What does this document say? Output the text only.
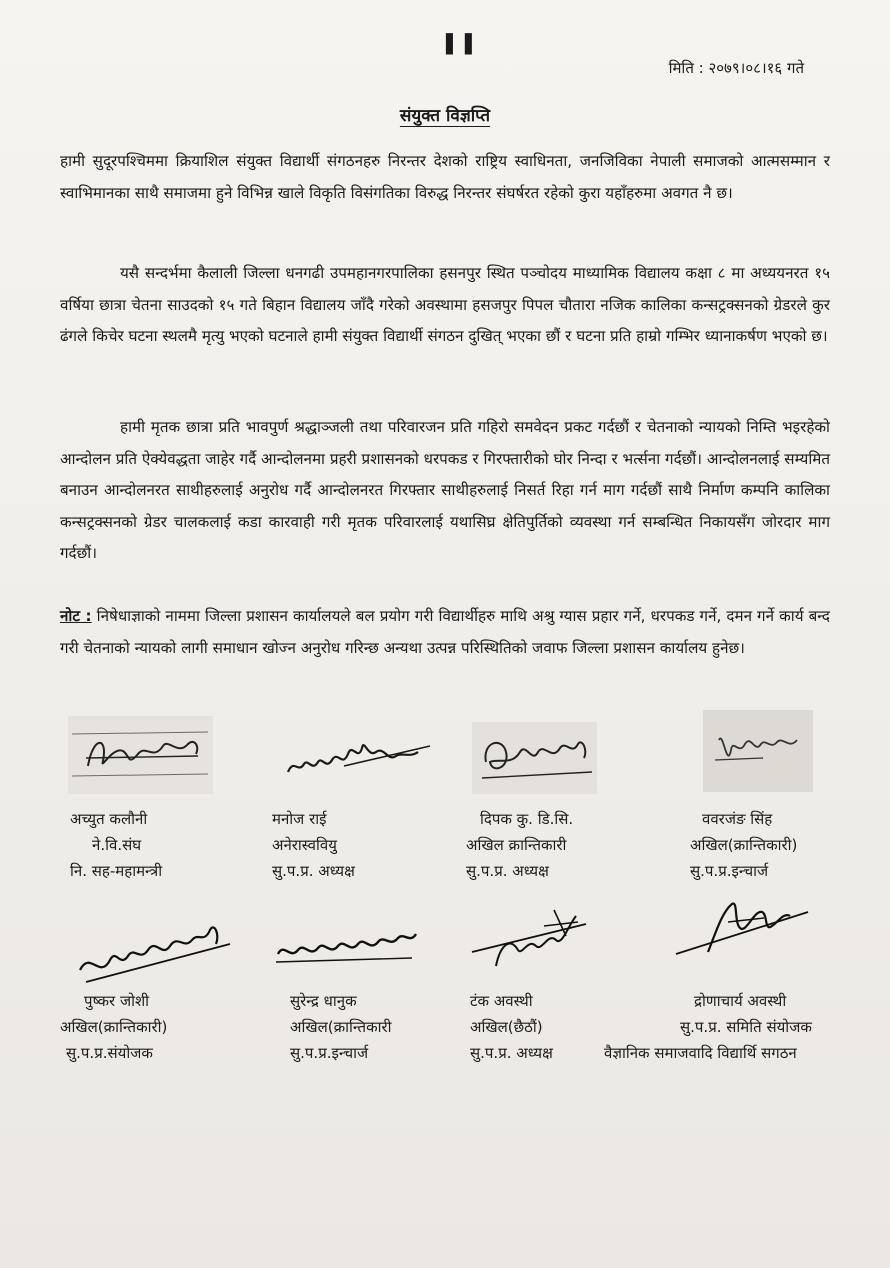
▌▐
मिति : २०७९।०८।१६ गते
संयुक्त विज्ञप्ति

हामी सुदूरपश्चिममा क्रियाशिल संयुक्त विद्यार्थी संगठनहरु निरन्तर देशको राष्ट्रिय स्वाधिनता, जनजिविका नेपाली समाजको आत्मसम्मान र स्वाभिमानका साथै समाजमा हुने विभिन्न खाले विकृति विसंगतिका विरुद्ध निरन्तर संघर्षरत रहेको कुरा यहाँहरुमा अवगत नै छ।

यसै सन्दर्भमा कैलाली जिल्ला धनगढी उपमहानगरपालिका हसनपुर स्थित पञ्चोदय माध्यामिक विद्यालय कक्षा ८ मा अध्ययनरत १५ वर्षिया छात्रा चेतना साउदको १५ गते बिहान विद्यालय जाँदै गरेको अवस्थामा हसजपुर पिपल चौतारा नजिक कालिका कन्सट्रक्सनको ग्रेडरले कुर ढंगले किचेर घटना स्थलमै मृत्यु भएको घटनाले हामी संयुक्त विद्यार्थी संगठन दुखित् भएका छौं र घटना प्रति हाम्रो गम्भिर ध्यानाकर्षण भएको छ।

हामी मृतक छात्रा प्रति भावपुर्ण श्रद्धाञ्जली तथा परिवारजन प्रति गहिरो समवेदन प्रकट गर्दछौं र चेतनाको न्यायको निम्ति भइरहेको आन्दोलन प्रति ऐक्येवद्धता जाहेर गर्दै आन्दोलनमा प्रहरी प्रशासनको धरपकड र गिरफ्तारीको घोर निन्दा र भर्त्सना गर्दछौं। आन्दोलनलाई सम्यमित बनाउन आन्दोलनरत साथीहरुलाई अनुरोध गर्दै आन्दोलनरत गिरफ्तार साथीहरुलाई निसर्त रिहा गर्न माग गर्दछौं साथै निर्माण कम्पनि कालिका कन्सट्रक्सनको ग्रेडर चालकलाई कडा कारवाही गरी मृतक परिवारलाई यथासिघ्र क्षेतिपुर्तिको व्यवस्था गर्न सम्बन्धित निकायसँग जोरदार माग गर्दछौं।

नोट : निषेधाज्ञाको नाममा जिल्ला प्रशासन कार्यालयले बल प्रयोग गरी विद्यार्थीहरु माथि अश्रु ग्यास प्रहार गर्ने, धरपकड गर्ने, दमन गर्ने कार्य बन्द गरी चेतनाको न्यायको लागी समाधान खोज्न अनुरोध गरिन्छ अन्यथा उत्पन्न परिस्थितिको जवाफ जिल्ला प्रशासन कार्यालय हुनेछ।

अच्युत कलौनी
ने.वि.संघ
नि. सह-महामन्त्री
मनोज राई
अनेरास्ववियु
सु.प.प्र. अध्यक्ष
दिपक कु. डि.सि.
अखिल क्रान्तिकारी
सु.प.प्र. अध्यक्ष
ववरजंङ सिंह
अखिल(क्रान्तिकारी)
सु.प.प्र.इन्चार्ज
पुष्कर जोशी
अखिल(क्रान्तिकारी)
सु.प.प्र.संयोजक
सुरेन्द्र धानुक
अखिल(क्रान्तिकारी
सु.प.प्र.इन्चार्ज
टंक अवस्थी
अखिल(छैठौं)
सु.प.प्र. अध्यक्ष
द्रोणाचार्य अवस्थी
सु.प.प्र. समिति संयोजक
वैज्ञानिक समाजवादि विद्यार्थि सगठन
